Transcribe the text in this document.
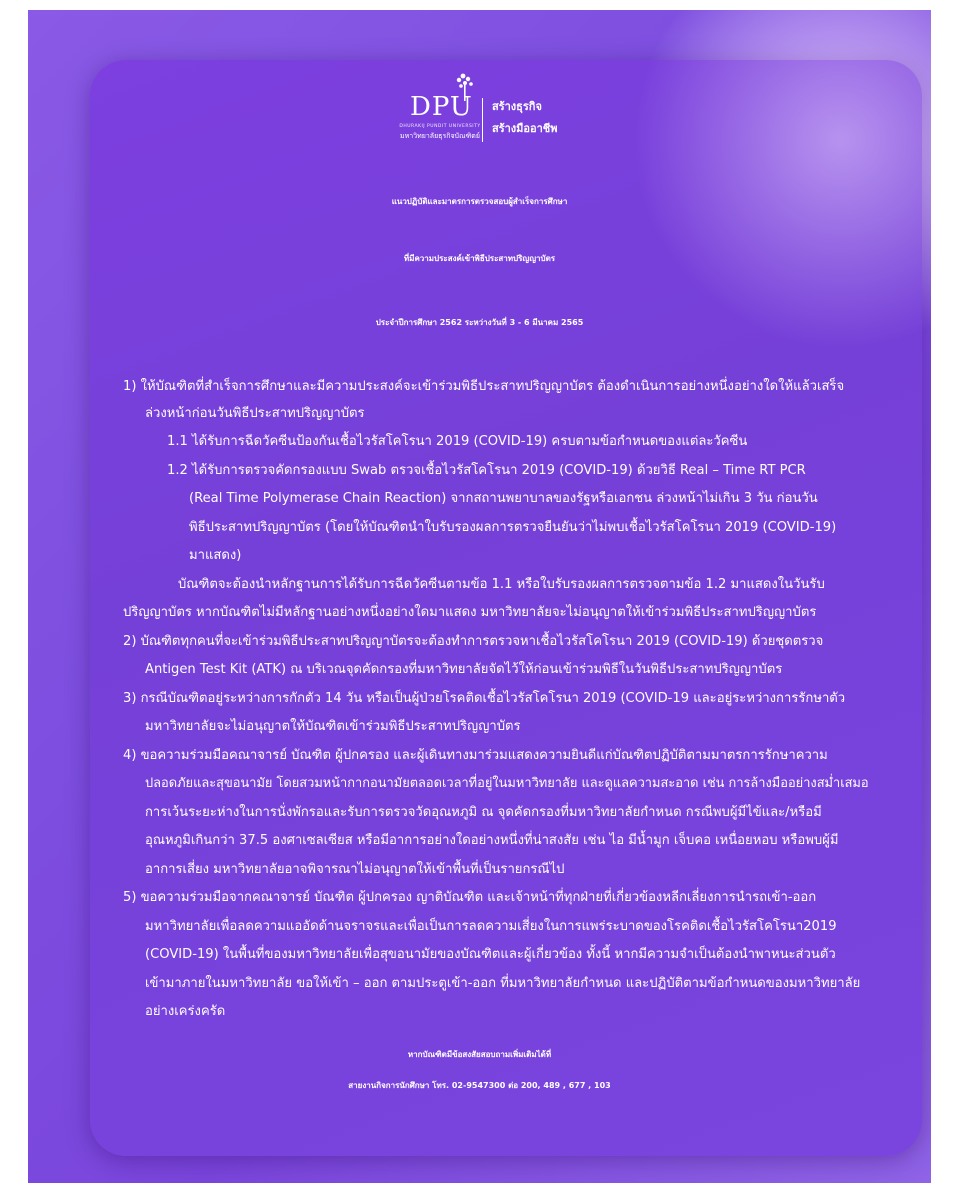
DPU
DHURAKIJ PUNDIT UNIVERSITY
มหาวิทยาลัยธุรกิจบัณฑิตย์
สร้างธุรกิจ
สร้างมืออาชีพ
แนวปฏิบัติและมาตรการตรวจสอบผู้สำเร็จการศึกษา
ที่มีความประสงค์เข้าพิธีประสาทปริญญาบัตร
ประจำปีการศึกษา 2562 ระหว่างวันที่ 3 - 6 มีนาคม 2565
1) ให้บัณฑิตที่สำเร็จการศึกษาและมีความประสงค์จะเข้าร่วมพิธีประสาทปริญญาบัตร ต้องดำเนินการอย่างหนึ่งอย่างใดให้แล้วเสร็จ
ล่วงหน้าก่อนวันพิธีประสาทปริญญาบัตร
1.1 ได้รับการฉีดวัคซีนป้องกันเชื้อไวรัสโคโรนา 2019 (COVID-19) ครบตามข้อกำหนดของแต่ละวัคซีน
1.2 ได้รับการตรวจคัดกรองแบบ Swab ตรวจเชื้อไวรัสโคโรนา 2019 (COVID-19) ด้วยวิธี Real – Time RT PCR
(Real Time Polymerase Chain Reaction) จากสถานพยาบาลของรัฐหรือเอกชน ล่วงหน้าไม่เกิน 3 วัน ก่อนวัน
พิธีประสาทปริญญาบัตร (โดยให้บัณฑิตนำใบรับรองผลการตรวจยืนยันว่าไม่พบเชื้อไวรัสโคโรนา 2019 (COVID-19)
มาแสดง)
บัณฑิตจะต้องนำหลักฐานการได้รับการฉีดวัคซีนตามข้อ 1.1 หรือใบรับรองผลการตรวจตามข้อ 1.2 มาแสดงในวันรับ
ปริญญาบัตร หากบัณฑิตไม่มีหลักฐานอย่างหนึ่งอย่างใดมาแสดง มหาวิทยาลัยจะไม่อนุญาตให้เข้าร่วมพิธีประสาทปริญญาบัตร
2) บัณฑิตทุกคนที่จะเข้าร่วมพิธีประสาทปริญญาบัตรจะต้องทำการตรวจหาเชื้อไวรัสโคโรนา 2019 (COVID-19) ด้วยชุดตรวจ
Antigen Test Kit (ATK) ณ บริเวณจุดคัดกรองที่มหาวิทยาลัยจัดไว้ให้ก่อนเข้าร่วมพิธีในวันพิธีประสาทปริญญาบัตร
3) กรณีบัณฑิตอยู่ระหว่างการกักตัว 14 วัน หรือเป็นผู้ป่วยโรคติดเชื้อไวรัสโคโรนา 2019 (COVID-19 และอยู่ระหว่างการรักษาตัว
มหาวิทยาลัยจะไม่อนุญาตให้บัณฑิตเข้าร่วมพิธีประสาทปริญญาบัตร
4) ขอความร่วมมือคณาจารย์ บัณฑิต ผู้ปกครอง และผู้เดินทางมาร่วมแสดงความยินดีแก่บัณฑิตปฏิบัติตามมาตรการรักษาความ
ปลอดภัยและสุขอนามัย โดยสวมหน้ากากอนามัยตลอดเวลาที่อยู่ในมหาวิทยาลัย และดูแลความสะอาด เช่น การล้างมืออย่างสม่ำเสมอ
การเว้นระยะห่างในการนั่งพักรอและรับการตรวจวัดอุณหภูมิ ณ จุดคัดกรองที่มหาวิทยาลัยกำหนด กรณีพบผู้มีไข้และ/หรือมี
อุณหภูมิเกินกว่า 37.5 องศาเซลเซียส หรือมีอาการอย่างใดอย่างหนึ่งที่น่าสงสัย เช่น ไอ มีน้ำมูก เจ็บคอ เหนื่อยหอบ หรือพบผู้มี
อาการเสี่ยง มหาวิทยาลัยอาจพิจารณาไม่อนุญาตให้เข้าพื้นที่เป็นรายกรณีไป
5) ขอความร่วมมือจากคณาจารย์ บัณฑิต ผู้ปกครอง ญาติบัณฑิต และเจ้าหน้าที่ทุกฝ่ายที่เกี่ยวข้องหลีกเลี่ยงการนำรถเข้า-ออก
มหาวิทยาลัยเพื่อลดความแออัดด้านจราจรและเพื่อเป็นการลดความเสี่ยงในการแพร่ระบาดของโรคติดเชื้อไวรัสโคโรนา2019
(COVID-19) ในพื้นที่ของมหาวิทยาลัยเพื่อสุขอนามัยของบัณฑิตและผู้เกี่ยวข้อง ทั้งนี้ หากมีความจำเป็นต้องนำพาหนะส่วนตัว
เข้ามาภายในมหาวิทยาลัย ขอให้เข้า – ออก ตามประตูเข้า-ออก ที่มหาวิทยาลัยกำหนด และปฏิบัติตามข้อกำหนดของมหาวิทยาลัย
อย่างเคร่งครัด
หากบัณฑิตมีข้อสงสัยสอบถามเพิ่มเติมได้ที่
สายงานกิจการนักศึกษา โทร. 02-9547300 ต่อ 200, 489 , 677 , 103
